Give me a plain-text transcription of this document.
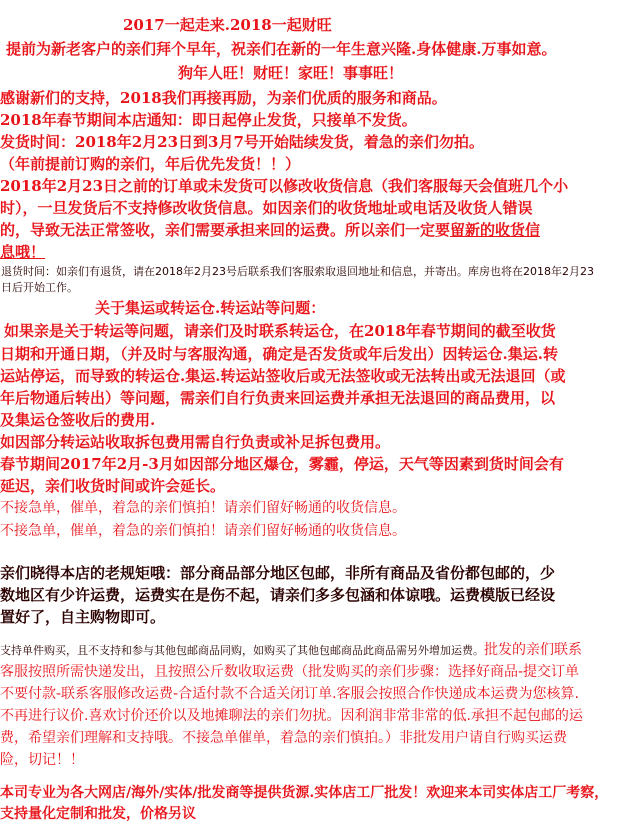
2017一起走来.2018一起财旺
提前为新老客户的亲们拜个早年，祝亲们在新的一年生意兴隆.身体健康.万事如意。
狗年人旺！财旺！家旺！事事旺！
感谢新们的支持，2018我们再接再励，为亲们优质的服务和商品。
2018年春节期间本店通知：即日起停止发货，只接单不发货。
发货时间：2018年2月23日到3月7号开始陆续发货，着急的亲们勿拍。
（年前提前订购的亲们，年后优先发货！！）
2018年2月23日之前的订单或未发货可以修改收货信息（我们客服每天会值班几个小
时），一旦发货后不支持修改收货信息。如因亲们的收货地址或电话及收货人错误
的，导致无法正常签收，亲们需要承担来回的运费。所以亲们一定要留新的收货信
息哦！
退货时间：如亲们有退货，请在2018年2月23号后联系我们客服索取退回地址和信息，并寄出。库房也将在2018年2月23
日后开始工作。
关于集运或转运仓.转运站等问题：
如果亲是关于转运等问题，请亲们及时联系转运仓，在2018年春节期间的截至收货
日期和开通日期，（并及时与客服沟通，确定是否发货或年后发出）因转运仓.集运.转
运站停运，而导致的转运仓.集运.转运站签收后或无法签收或无法转出或无法退回（或
年后物通后转出）等问题，需亲们自行负责来回运费并承担无法退回的商品费用，以
及集运仓签收后的费用.
如因部分转运站收取拆包费用需自行负责或补足拆包费用。
春节期间2017年2月-3月如因部分地区爆仓，雾霾，停运，天气等因素到货时间会有
延迟，亲们收货时间或许会延长。
不接急单，催单，着急的亲们慎拍！请亲们留好畅通的收货信息。
不接急单，催单，着急的亲们慎拍！请亲们留好畅通的收货信息。
亲们晓得本店的老规矩哦：部分商品部分地区包邮，非所有商品及省份都包邮的，少
数地区有少许运费，运费实在是伤不起，请亲们多多包涵和体谅哦。运费模版已经设
置好了，自主购物即可。
支持单件购买，且不支持和参与其他包邮商品同购，如购买了其他包邮商品此商品需另外增加运费。批发的亲们联系
客服按照所需快递发出，且按照公斤数收取运费（批发购买的亲们步骤：选择好商品-提交订单
不要付款-联系客服修改运费-合适付款不合适关闭订单.客服会按照合作快递成本运费为您核算.
不再进行议价.喜欢讨价还价以及地摊聊法的亲们勿扰。因利润非常非常的低.承担不起包邮的运
费，希望亲们理解和支持哦。不接急单催单，着急的亲们慎拍。）非批发用户请自行购买运费
险，切记！！
本司专业为各大网店/海外/实体/批发商等提供货源.实体店工厂批发！欢迎来本司实体店工厂考察，
支持量化定制和批发，价格另议
